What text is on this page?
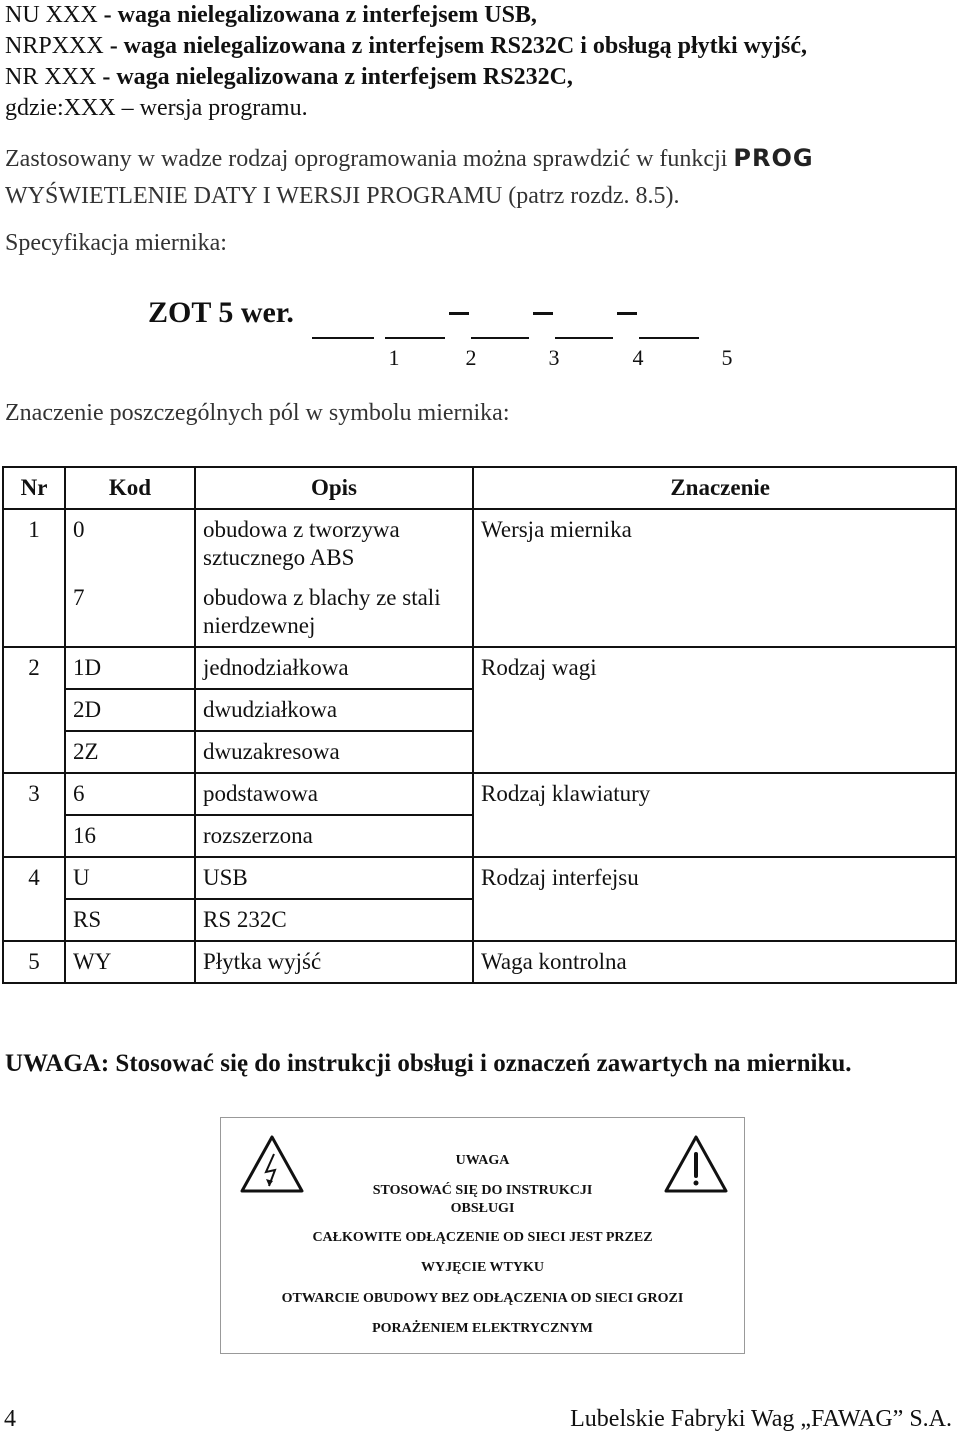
NU XXX - waga nielegalizowana z interfejsem USB,
NRPXXX - waga nielegalizowana z interfejsem RS232C i obsługą płytki wyjść,
NR XXX - waga nielegalizowana z interfejsem RS232C,
gdzie:XXX – wersja programu.
Zastosowany w wadze rodzaj oprogramowania można sprawdzić w funkcji PROG
WYŚWIETLENIE DATY I WERSJI PROGRAMU (patrz rozdz. 8.5).
Specyfikacja miernika:
ZOT 5 wer.
1	2	3	4	5
Znaczenie poszczególnych pól w symbolu miernika:
Nr	Kod	Opis	Znaczenie
1	0	obudowa z tworzywa sztucznego ABS	Wersja miernika
	7	obudowa z blachy ze stali nierdzewnej	
2	1D	jednodziałkowa	Rodzaj wagi
	2D	dwudziałkowa	
	2Z	dwuzakresowa	
3	6	podstawowa	Rodzaj klawiatury
	16	rozszerzona	
4	U	USB	Rodzaj interfejsu
	RS	RS 232C	
5	WY	Płytka wyjść	Waga kontrolna
UWAGA: Stosować się do instrukcji obsługi i oznaczeń zawartych na mierniku.
UWAGA
STOSOWAĆ SIĘ DO INSTRUKCJI
OBSŁUGI
CAŁKOWITE ODŁĄCZENIE OD SIECI JEST PRZEZ
WYJĘCIE WTYKU
OTWARCIE OBUDOWY BEZ ODŁĄCZENIA OD SIECI GROZI
PORAŻENIEM ELEKTRYCZNYM
4	Lubelskie Fabryki Wag „FAWAG” S.A.
